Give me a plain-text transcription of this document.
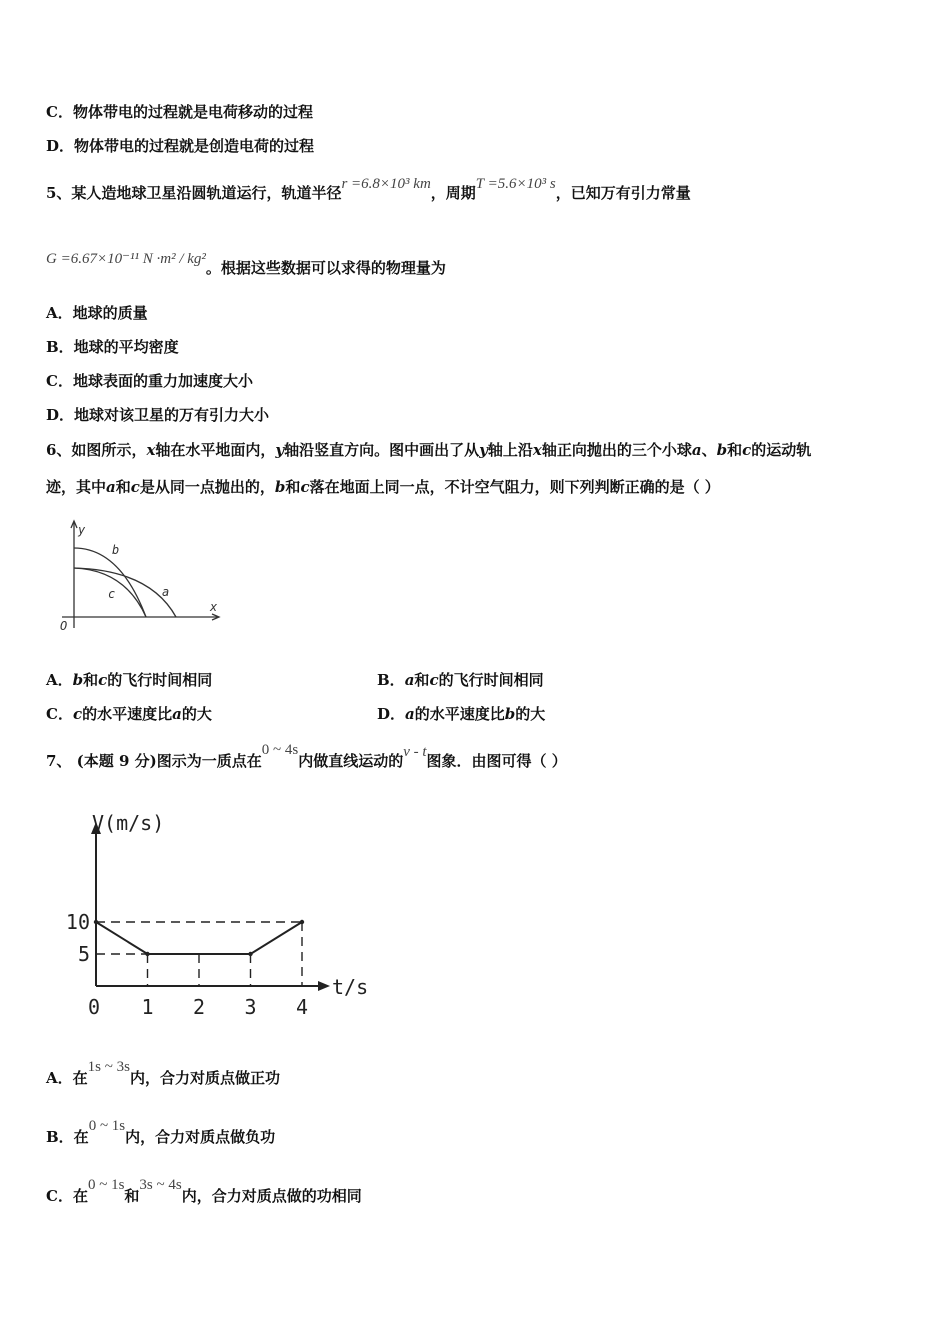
C．物体带电的过程就是电荷移动的过程
D．物体带电的过程就是创造电荷的过程
5、某人造地球卫星沿圆轨道运行，轨道半径r =6.8×10³ km，周期T =5.6×10³ s，已知万有引力常量
G =6.67×10⁻¹¹ N ·m² / kg²。根据这些数据可以求得的物理量为
A．地球的质量
B．地球的平均密度
C．地球表面的重力加速度大小
D．地球对该卫星的万有引力大小
6、如图所示，x轴在水平地面内，y轴沿竖直方向。图中画出了从y轴上沿x轴正向抛出的三个小球a、b和c的运动轨
迹，其中a和c是从同一点抛出的，b和c落在地面上同一点，不计空气阻力，则下列判断正确的是（ ）
y
x
O
b
c	a
A．b和c的飞行时间相同	B．a和c的飞行时间相同
C．c的水平速度比a的大	D．a的水平速度比b的大
7、 (本题 9 分)图示为一质点在0 ~ 4s内做直线运动的v - t图象．由图可得（ ）
V(m/s)
t/s
5
10
0 1 2 3 4
A．在1s ~ 3s内，合力对质点做正功
B．在0 ~ 1s内，合力对质点做负功
C．在0 ~ 1s和3s ~ 4s内，合力对质点做的功相同
